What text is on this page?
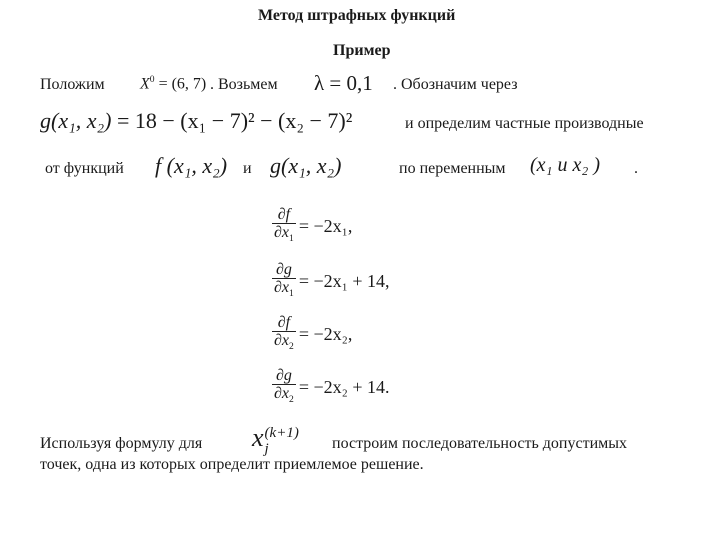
Метод штрафных функций
Пример
Положим $X^0 = (6$, 7) . Возьмем λ = 0,1 . Обозначим через
g(x₁, x₂) = 18 − (x₁ − 7)² − (x₂ − 7)²	и определим частные производные
от функций f (x₁, x₂) и g(x₁, x₂)	по переменным (x₁ и x₂ ) .
$\frac{\partial f}{\partial x_1} = -2x_1$,
$\frac{\partial g}{\partial x_1} = -2x_1 + 14$,
$\frac{\partial f}{\partial x_2} = -2x_2$,
$\frac{\partial g}{\partial x_2} = -2x_2 + 14$.
Используя формулу для x (k+1)
j	построим последовательность допустимых
точек, одна из которых определит приемлемое решение.
